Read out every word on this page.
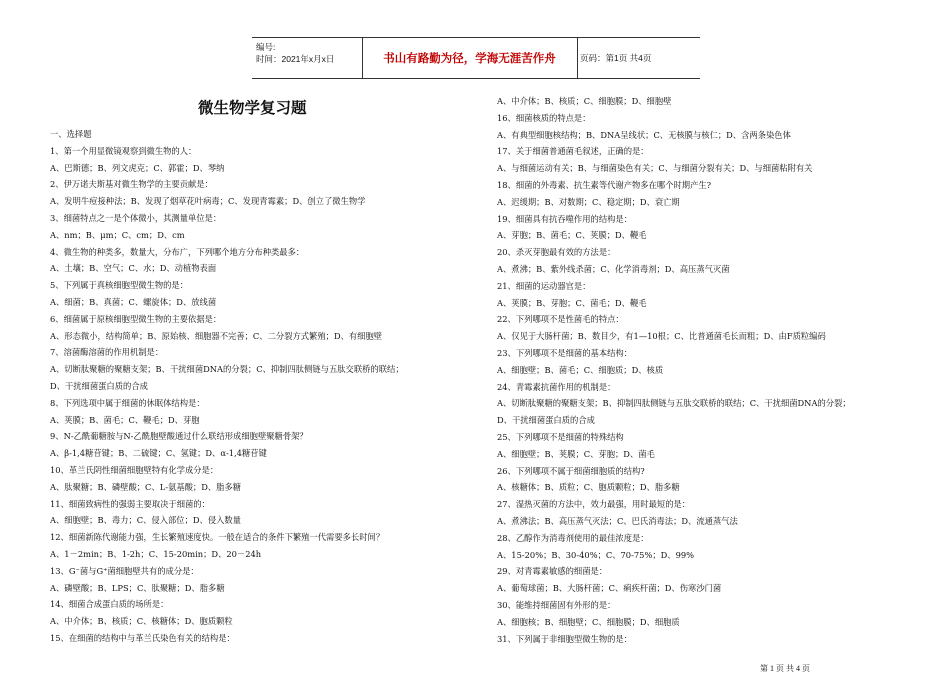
编号:
时间：2021年x月x日	书山有路勤为径，学海无涯苦作舟	页码：第1页 共4页
微生物学复习题
一、选择题
1、第一个用显微镜观察到微生物的人：
A、巴斯德；B、列文虎克；C、郭霍；D、琴纳
2、伊万诺夫斯基对微生物学的主要贡献是：
A、发明牛痘接种法；B、发现了烟草花叶病毒；C、发现青霉素；D、创立了微生物学
3、细菌特点之一是个体微小，其测量单位是：
A、nm；B、μm；C、cm；D、cm
4、微生物的种类多，数量大，分布广，下列哪个地方分布种类最多：
A、土壤；B、空气；C、水；D、动植物表面
5、下列属于真核细胞型微生物的是：
A、细菌；B、真菌；C、螺旋体；D、放线菌
6、细菌属于原核细胞型微生物的主要依据是：
A、形态微小，结构简单；B、原始核、细胞器不完善；C、二分裂方式繁殖；D、有细胞壁
7、溶菌酶溶菌的作用机制是：
A、切断肽聚糖的聚糖支架；B、干扰细菌DNA的分裂；C、抑制四肽侧链与五肽交联桥的联结；
D、干扰细菌蛋白质的合成
8、下列选项中属于细菌的休眠体结构是：
A、荚膜；B、菌毛；C、鞭毛；D、芽胞
9、N-乙酰葡糖胺与N-乙酰胞壁酸通过什么联结形成细胞壁聚糖骨架？
A、β-1,4糖苷键；B、二硫键；C、氢键；D、α-1,4糖苷键
10、革兰氏阴性细菌细胞壁特有化学成分是：
A、肽聚糖；B、磷壁酸；C、L-氨基酸；D、脂多糖
11、细菌致病性的强弱主要取决于细菌的：
A、细胞壁；B、毒力；C、侵入部位；D、侵入数量
12、细菌新陈代谢能力强，生长繁殖速度快。一般在适合的条件下繁殖一代需要多长时间？
A、1－2min；B、1-2h；C、15-20min；D、20－24h
13、G⁻菌与G⁺菌细胞壁共有的成分是：
A、磷壁酸；B、LPS；C、肽聚糖；D、脂多糖
14、细菌合成蛋白质的场所是：
A、中介体；B、核质；C、核糖体；D、胞质颗粒
15、在细菌的结构中与革兰氏染色有关的结构是：
A、中介体；B、核质；C、细胞膜；D、细胞壁
16、细菌核质的特点是：
A、有典型细胞核结构；B、DNA呈线状；C、无核膜与核仁；D、含两条染色体
17、关于细菌普通菌毛叙述，正确的是：
A、与细菌运动有关；B、与细菌染色有关；C、与细菌分裂有关；D、与细菌粘附有关
18、细菌的外毒素、抗生素等代谢产物多在哪个时期产生?
A、迟缓期；B、对数期；C、稳定期；D、衰亡期
19、细菌具有抗吞噬作用的结构是：
A、芽胞；B、菌毛；C、荚膜；D、鞭毛
20、杀灭芽胞最有效的方法是：
A、煮沸；B、紫外线杀菌；C、化学消毒剂；D、高压蒸气灭菌
21、细菌的运动器官是：
A、荚膜；B、芽胞；C、菌毛；D、鞭毛
22、下列哪项不是性菌毛的特点：
A、仅见于大肠杆菌；B、数目少，有1—10根；C、比普通菌毛长而粗；D、由F质粒编码
23、下列哪项不是细菌的基本结构：
A、细胞壁；B、菌毛；C、细胞质；D、核质
24、青霉素抗菌作用的机制是：
A、切断肽聚糖的聚糖支架；B、抑制四肽侧链与五肽交联桥的联结；C、干扰细菌DNA的分裂；
D、干扰细菌蛋白质的合成
25、下列哪项不是细菌的特殊结构
A、细胞壁；B、荚膜；C、芽胞；D、菌毛
26、下列哪项不属于细菌细胞质的结构?
A、核糖体；B、质粒；C、胞质颗粒；D、脂多糖
27、湿热灭菌的方法中，效力最强，用时最短的是：
A、煮沸法；B、高压蒸气灭法；C、巴氏消毒法；D、流通蒸气法
28、乙醇作为消毒剂使用的最佳浓度是：
A、15-20%；B、30-40%；C、70-75%；D、99%
29、对青霉素敏感的细菌是：
A、葡萄球菌；B、大肠杆菌；C、痢疾杆菌；D、伤寒沙门菌
30、能维持细菌固有外形的是：
A、细胞核；B、细胞壁；C、细胞膜；D、细胞质
31、下列属于非细胞型微生物的是：
第 1 页 共 4 页
